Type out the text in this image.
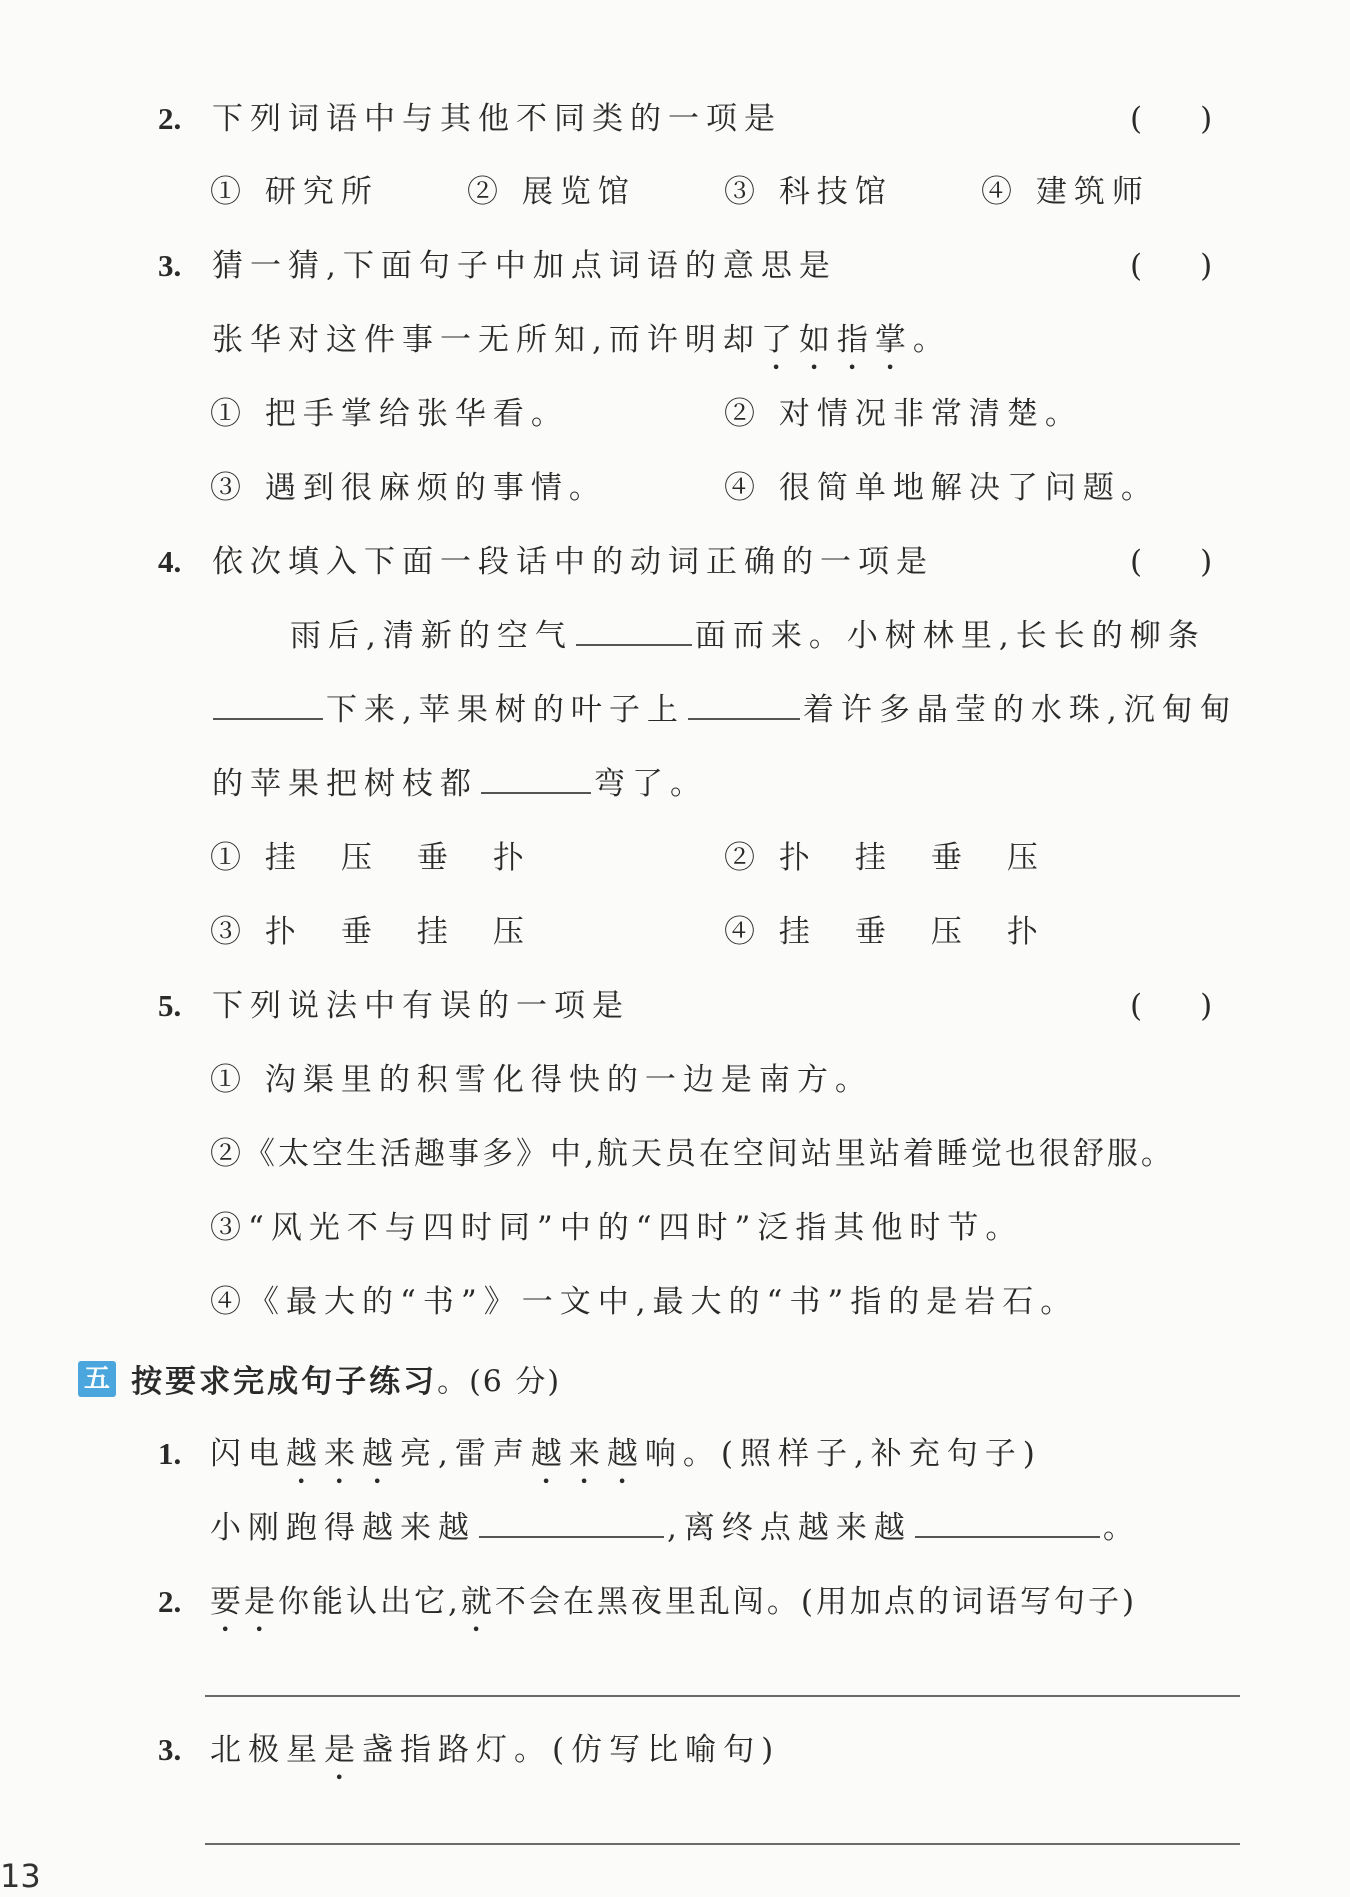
2. 下列词语中与其他不同类的一项是	( )
① 研究所	② 展览馆	③ 科技馆	④ 建筑师
3. 猜一猜,下面句子中加点词语的意思是	( )
张华对这件事一无所知,而许明却了如指掌。
① 把手掌给张华看。	② 对情况非常清楚。
③ 遇到很麻烦的事情。	④ 很简单地解决了问题。
4. 依次填入下面一段话中的动词正确的一项是	( )
雨后,清新的空气	面而来。小树林里,长长的柳条
下来,苹果树的叶子上	着许多晶莹的水珠,沉甸甸
的苹果把树枝都	弯了。
① 挂　压　垂　扑	② 扑　挂　垂　压
③ 扑　垂　挂　压	④ 挂　垂　压　扑
5. 下列说法中有误的一项是	( )
① 沟渠里的积雪化得快的一边是南方。
②《太空生活趣事多》中,航天员在空间站里站着睡觉也很舒服。
③“风光不与四时同”中的“四时”泛指其他时节。
④《最大的“书”》一文中,最大的“书”指的是岩石。
五 按要求完成句子练习。(6 分)
1. 闪电越来越亮,雷声越来越响。(照样子,补充句子)
小刚跑得越来越	,离终点越来越	。
2. 要是你能认出它,就不会在黑夜里乱闯。(用加点的词语写句子)
3. 北极星是盏指路灯。(仿写比喻句)
13
